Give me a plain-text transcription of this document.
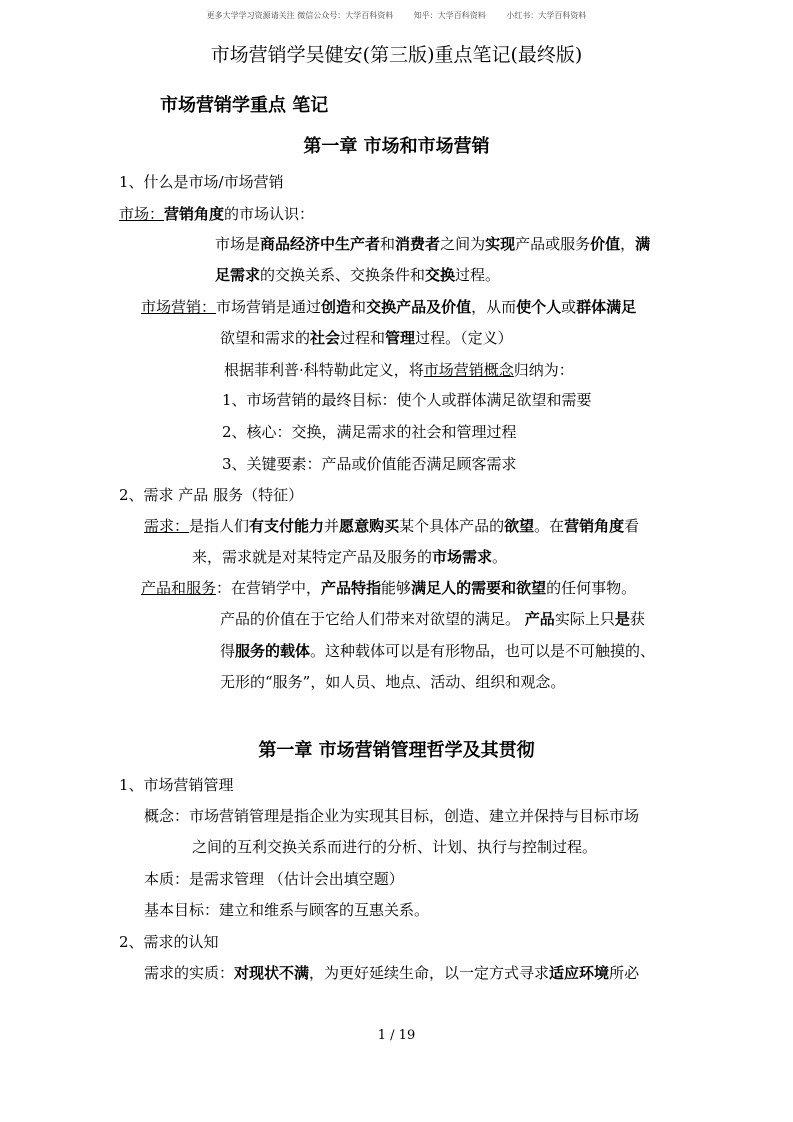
更多大学学习资源请关注 微信公众号：大学百科资料	知乎：大学百科资料	小红书：大学百科资料
市场营销学吴健安(第三版)重点笔记(最终版)
市场营销学重点 笔记
第一章 市场和市场营销
1、什么是市场/市场营销
市场：营销角度的市场认识：
市场是商品经济中生产者和消费者之间为实现产品或服务价值，满
足需求的交换关系、交换条件和交换过程。
市场营销：市场营销是通过创造和交换产品及价值，从而使个人或群体满足
欲望和需求的社会过程和管理过程。（定义）
根据菲利普·科特勒此定义，将市场营销概念归纳为：
1、市场营销的最终目标：使个人或群体满足欲望和需要
2、核心：交换，满足需求的社会和管理过程
3、关键要素：产品或价值能否满足顾客需求
2、需求 产品 服务（特征）
需求：是指人们有支付能力并愿意购买某个具体产品的欲望。在营销角度看
来，需求就是对某特定产品及服务的市场需求。
产品和服务：在营销学中，产品特指能够满足人的需要和欲望的任何事物。
产品的价值在于它给人们带来对欲望的满足。 产品实际上只是获
得服务的载体。这种载体可以是有形物品，也可以是不可触摸的、
无形的“服务”，如人员、地点、活动、组织和观念。
第一章 市场营销管理哲学及其贯彻
1、市场营销管理
概念：市场营销管理是指企业为实现其目标，创造、建立并保持与目标市场
之间的互利交换关系而进行的分析、计划、执行与控制过程。
本质：是需求管理 （估计会出填空题）
基本目标：建立和维系与顾客的互惠关系。
2、需求的认知
需求的实质：对现状不满，为更好延续生命，以一定方式寻求适应环境所必
1 / 19
